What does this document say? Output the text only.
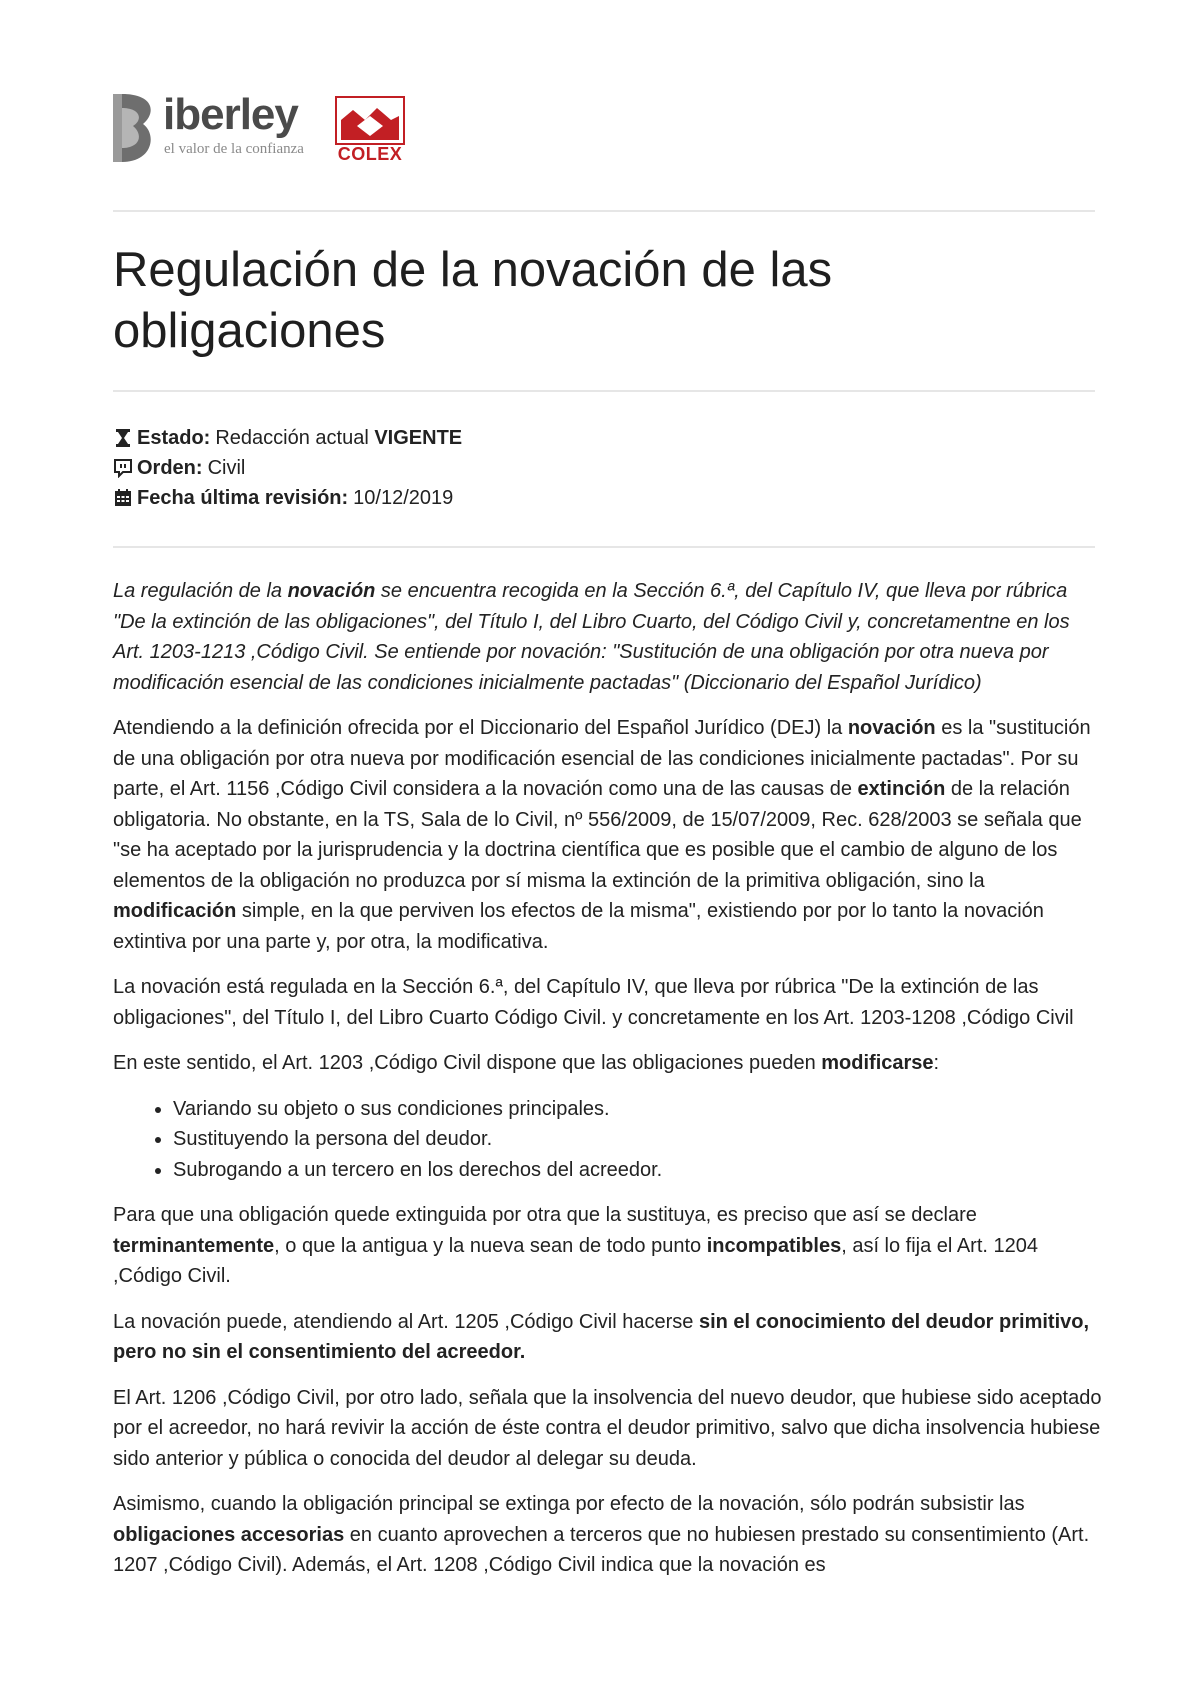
iberley
el valor de la confianza COLEX
Regulación de la novación de las obligaciones
Estado: Redacción actual
VIGENTE
Orden: Civil
Fecha última revisión: 10/12/2019

La regulación de la novación se encuentra recogida en la Sección 6.ª, del Capítulo IV, que lleva por rúbrica "De la extinción de las obligaciones", del Título I, del Libro Cuarto, del Código Civil y, concretamentne en los Art. 1203-1213 ,Código Civil. Se entiende por novación: "Sustitución de una obligación por otra nueva por modificación esencial de las condiciones inicialmente pactadas" (Diccionario del Español Jurídico)

Atendiendo a la definición ofrecida por el Diccionario del Español Jurídico (DEJ) la novación es la "sustitución de una obligación por otra nueva por modificación esencial de las condiciones inicialmente pactadas". Por su parte, el Art. 1156 ,Código Civil considera a la novación como una de las causas de extinción de la relación obligatoria. No obstante, en la TS, Sala de lo Civil, nº 556/2009, de 15/07/2009, Rec. 628/2003 se señala que "se ha aceptado por la jurisprudencia y la doctrina científica que es posible que el cambio de alguno de los elementos de la obligación no produzca por sí misma la extinción de la primitiva obligación, sino la modificación simple, en la que perviven los efectos de la misma", existiendo por por lo tanto la novación extintiva por una parte y, por otra, la modificativa.

La novación está regulada en la Sección 6.ª, del Capítulo IV, que lleva por rúbrica "De la extinción de las obligaciones", del Título I, del Libro Cuarto Código Civil. y concretamente en los Art. 1203-1208 ,Código Civil

En este sentido, el Art. 1203 ,Código Civil dispone que las obligaciones pueden modificarse:

• Variando su objeto o sus condiciones principales.
• Sustituyendo la persona del deudor.
• Subrogando a un tercero en los derechos del acreedor.

Para que una obligación quede extinguida por otra que la sustituya, es preciso que así se declare terminantemente, o que la antigua y la nueva sean de todo punto incompatibles, así lo fija el Art. 1204 ,Código Civil.

La novación puede, atendiendo al Art. 1205 ,Código Civil hacerse sin el conocimiento del deudor primitivo, pero no sin el consentimiento del acreedor.

El Art. 1206 ,Código Civil, por otro lado, señala que la insolvencia del nuevo deudor, que hubiese sido aceptado por el acreedor, no hará revivir la acción de éste contra el deudor primitivo, salvo que dicha insolvencia hubiese sido anterior y pública o conocida del deudor al delegar su deuda.

Asimismo, cuando la obligación principal se extinga por efecto de la novación, sólo podrán subsistir las obligaciones accesorias en cuanto aprovechen a terceros que no hubiesen prestado su consentimiento (Art. 1207 ,Código Civil). Además, el Art. 1208 ,Código Civil indica que la novación es
